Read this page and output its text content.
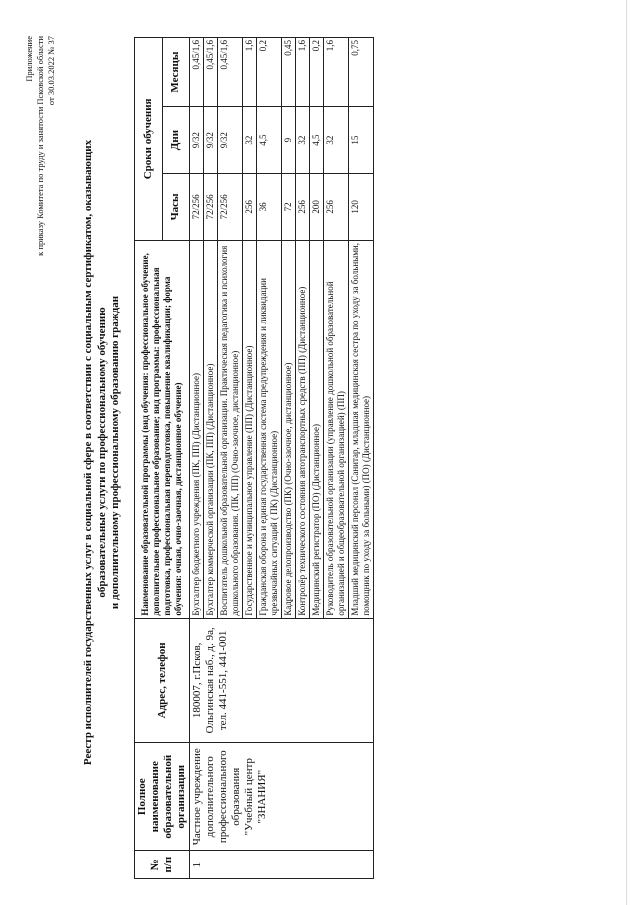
Приложение к приказу Комитета по труду и занятости Псковской области от 30.03.2022 № 37
Реестр исполнителей государственных услуг в социальной сфере в соответствии с социальным сертификатом, оказывающих образовательные услуги по профессиональному обучению и дополнительному профессиональному образованию граждан
№ п/п	Полное наименование образовательной организации	Адрес, телефон	Наименование образовательной программы (вид обучения: профессиональное обучение, дополнительное профессиональное образование; вид программы: профессиональная подготовка, профессиональная переподготовка, повышение квалификации; форма обучения: очная, очно-заочная, дистанционное обучение)	Сроки обучения		
				Часы	Дни	Месяцы
1	Частное учреждение дополнительного профессионального образования "Учебный центр "ЗНАНИЯ"	180007, г.Псков, Ольгинская наб., д. 9а, тел. 441-551, 441-001	Бухгалтер бюджетного учреждения (ПК, ПП) (Дистанционное)	72/256	9/32	0,45/1,6
			Бухгалтер коммерческой организации (ПК, ПП) (Дистанционное)	72/256	9/32	0,45/1,6
			Воспитатель дошкольной образовательной организации. Практическая педагогика и психология дошкольного образования. (ПК, ПП) (Очно-заочное, дистанционное)	72/256	9/32	0,45/1,6
			Государственное и муниципальное управление (ПП) (Дистанционное)	256	32	1,6
			Гражданская оборона и единая государственная система предупреждения и ликвидации чрезвычайных ситуаций ( ПК) (Дистанционное)	36	4,5	0,2
			Кадровое делопроизводство (ПК) (Очно-заочное, дистанционное)	72	9	0,45
			Контролёр технического состояния автотранспортных средств (ПП) (Дистанционное)	256	32	1,6
			Медицинский регистратор (ПО) (Дистанционное)	200	4,5	0,2
			Руководитель образовательной организации (управление дошкольной образовательной организацией и общеобразовательной организацией) (ПП)	256	32	1,6
			Младший медицинский персонал (Санитар, младшая медицинская сестра по уходу за больными, помощник по уходу за больными) (ПО) (Дистанционное)	120	15	0,75
